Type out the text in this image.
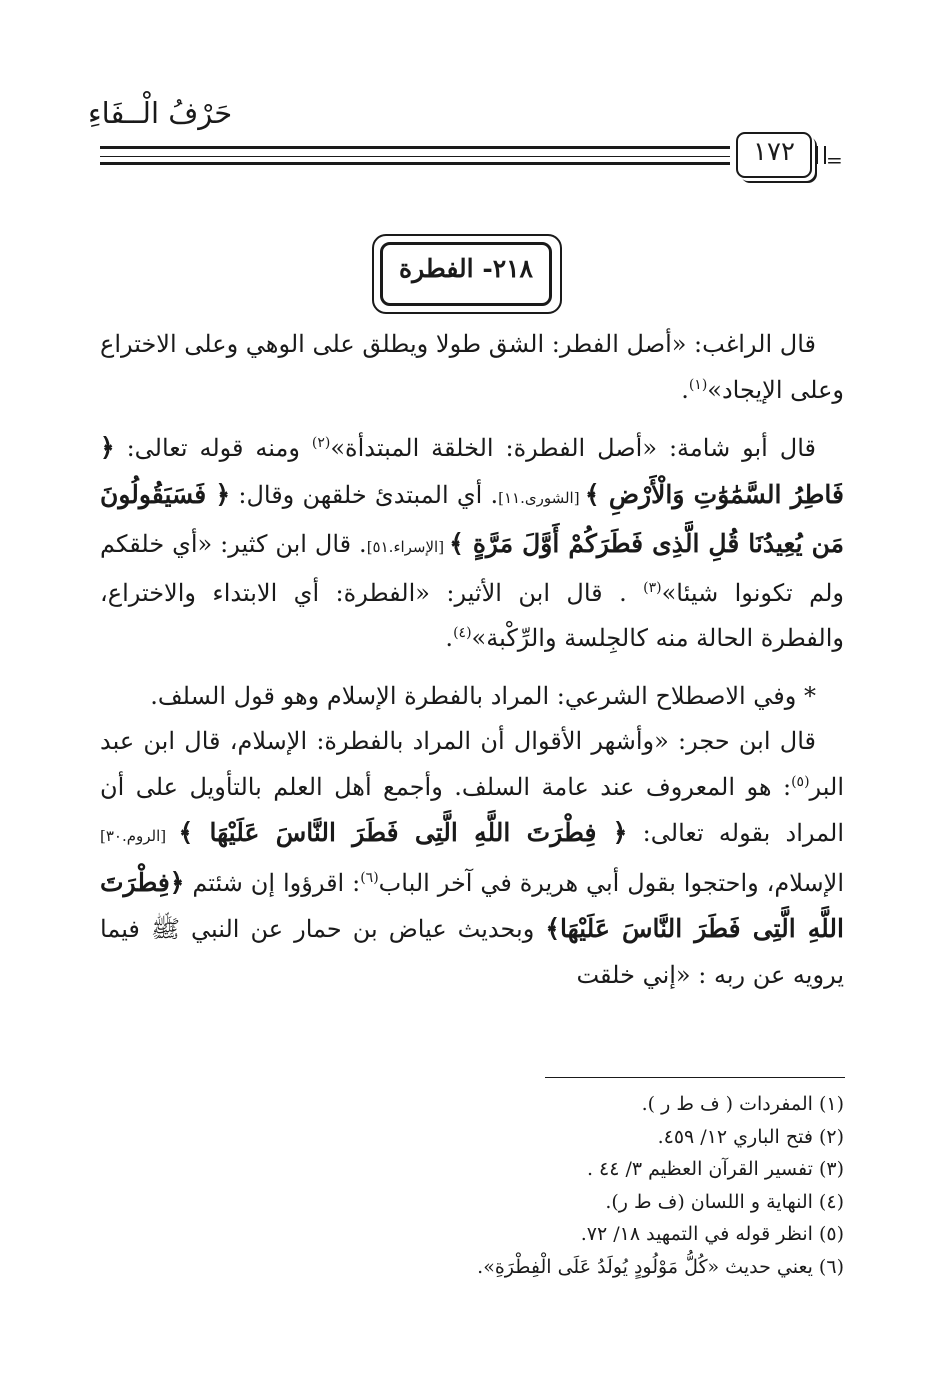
حَرْفُ الْــفَاءِ
١٧٢	=
٢١٨- الفطرة

قال الراغب: «أصل الفطر: الشق طولا ويطلق على الوهي وعلى الاختراع وعلى الإيجاد»$^{(١)}$.

قال أبو شامة: «أصل الفطرة: الخلقة المبتدأة»$^{(٢)}$ ومنه قوله تعالى: ﴿ فَاطِرُ السَّمَٰوَٰتِ وَالْأَرْضِ ﴾ [الشورى.١١]. أي المبتدئ خلقهن وقال: ﴿ فَسَيَقُولُونَ مَن يُعِيدُنَا قُلِ الَّذِى فَطَرَكُمْ أَوَّلَ مَرَّةٍ ﴾ [الإسراء.٥١]. قال ابن كثير: «أي خلقكم ولم تكونوا شيئا»$^{(٣)}$ . قال ابن الأثير: «الفطرة: أي الابتداء والاختراع، والفطرة الحالة منه كالجِلسة والرِّكْبة»$^{(٤)}$.

* وفي الاصطلاح الشرعي: المراد بالفطرة الإسلام وهو قول السلف.

قال ابن حجر: «وأشهر الأقوال أن المراد بالفطرة: الإسلام، قال ابن عبد البر$^{(٥)}$: هو المعروف عند عامة السلف. وأجمع أهل العلم بالتأويل على أن المراد بقوله تعالى: ﴿ فِطْرَتَ اللَّهِ الَّتِى فَطَرَ النَّاسَ عَلَيْهَا ﴾ [الروم.٣٠] الإسلام، واحتجوا بقول أبي هريرة في آخر الباب$^{(٦)}$: اقرؤوا إن شئتم ﴿فِطْرَتَ اللَّهِ الَّتِى فَطَرَ النَّاسَ عَلَيْهَا﴾ وبحديث عياض بن حمار عن النبي ﷺ فيما يرويه عن ربه : «إني خلقت

(١) المفردات ( ف ط ر ).
(٢) فتح الباري ١٢/ ٤٥٩.
(٣) تفسير القرآن العظيم ٣/ ٤٤ .
(٤) النهاية و اللسان (ف ط ر).
(٥) انظر قوله في التمهيد ١٨/ ٧٢.
(٦) يعني حديث «كُلُّ مَوْلُودٍ يُولَدُ عَلَى الْفِطْرَةِ».
